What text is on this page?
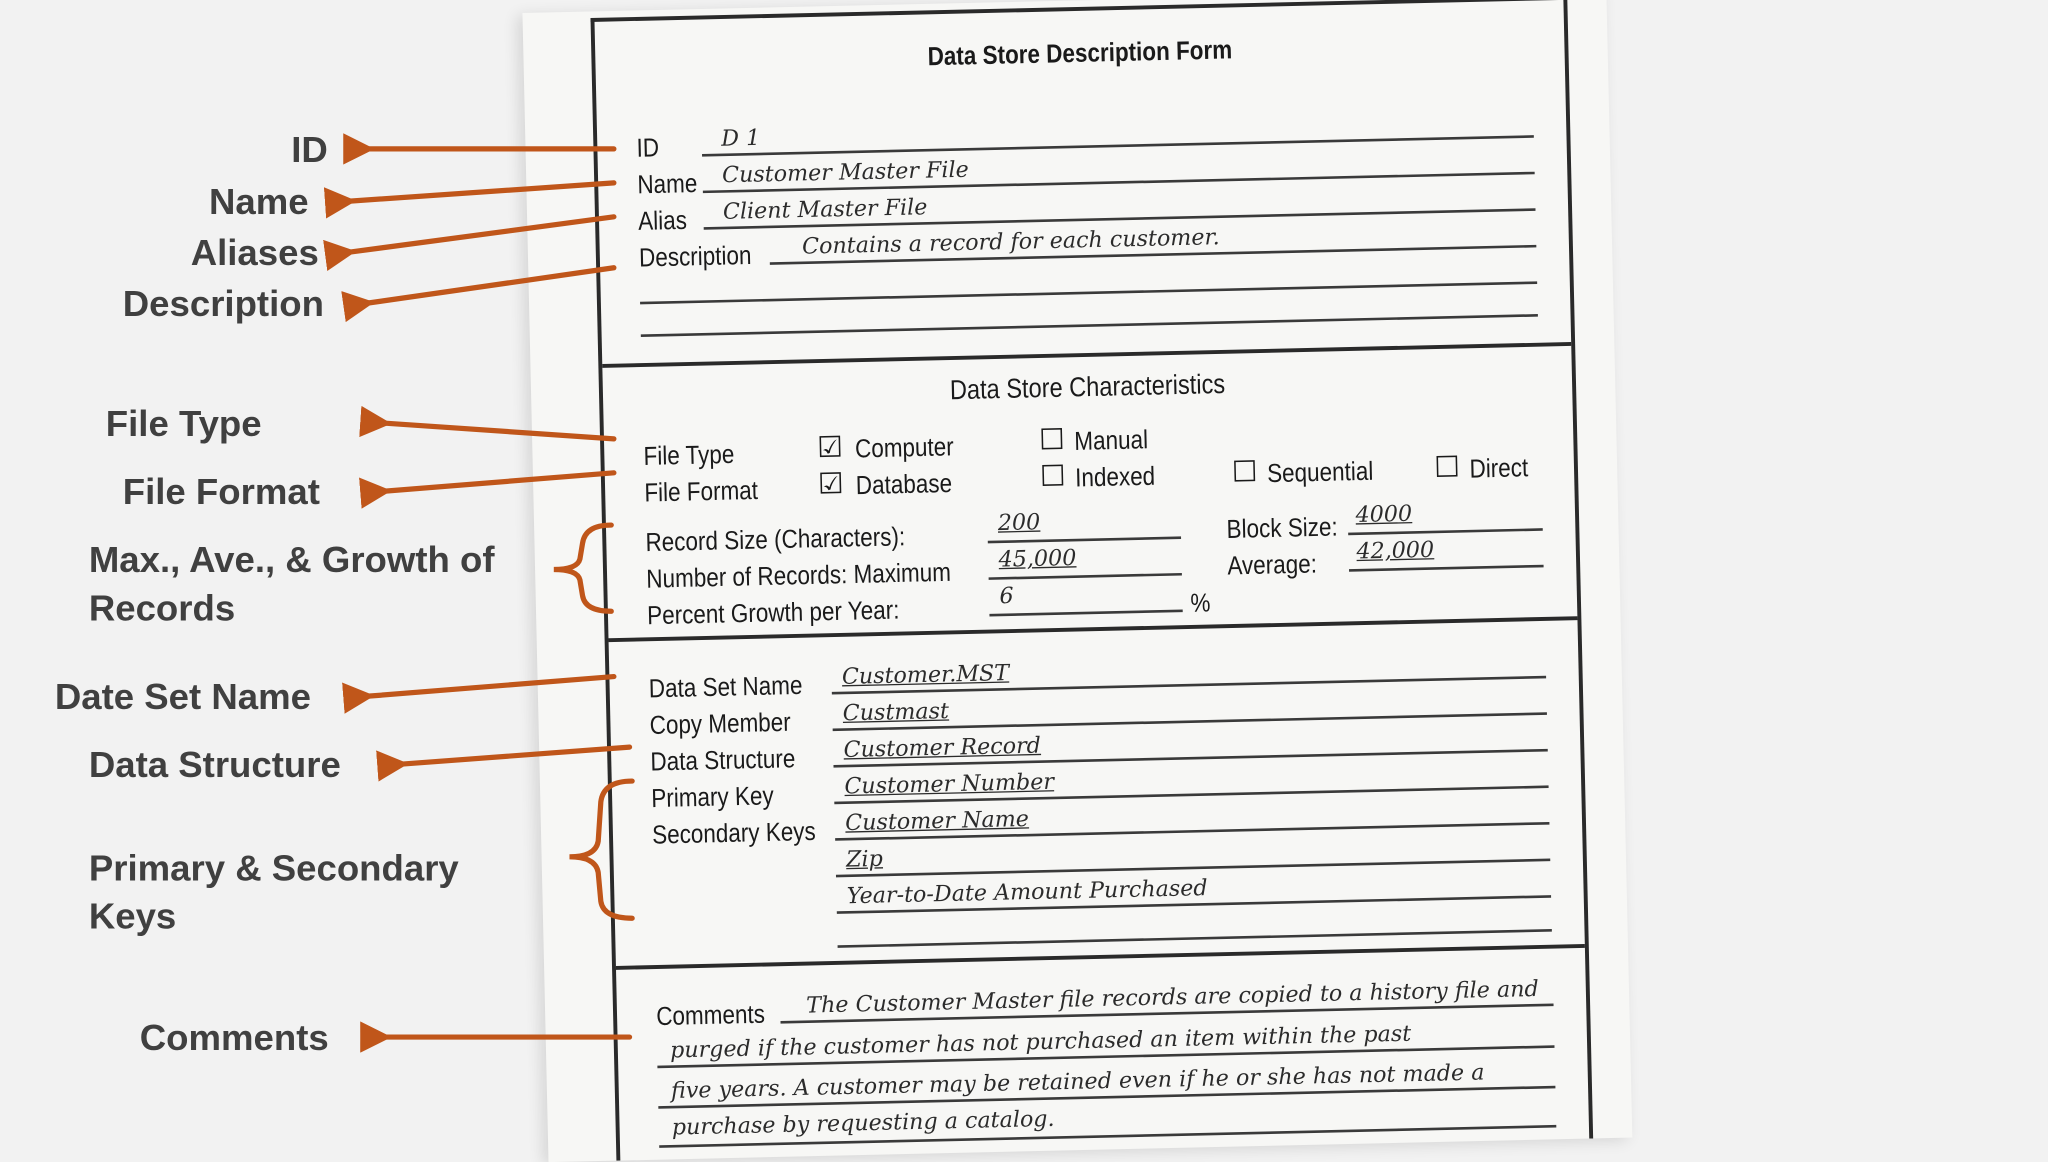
Data Store Description Form
ID	D 1
Name Customer Master File
Alias Client Master File
Description	Contains a record for each customer.
Data Store Characteristics
File Type	☑ Computer	☐ Manual
File Format	☑ Database	☐ Indexed	☐ Sequential	☐ Direct
Record Size (Characters):	200	Block Size: 4000
Number of Records: Maximum	45,000	Average: 42,000
Percent Growth per Year:	6	%
Data Set Name Customer.MST
Copy Member	Custmast
Data Structure	Customer Record
Primary Key	Customer Number
Secondary Keys Customer Name
Zip
Year-to-Date Amount Purchased
Comments The Customer Master file records are copied to a history file and
purged if the customer has not purchased an item within the past
five years. A customer may be retained even if he or she has not made a
purchase by requesting a catalog.
ID
Name
Aliases
Description
File Type
File Format
Max., Ave., & Growth of Records
Date Set Name
Data Structure
Primary & Secondary Keys
Comments
